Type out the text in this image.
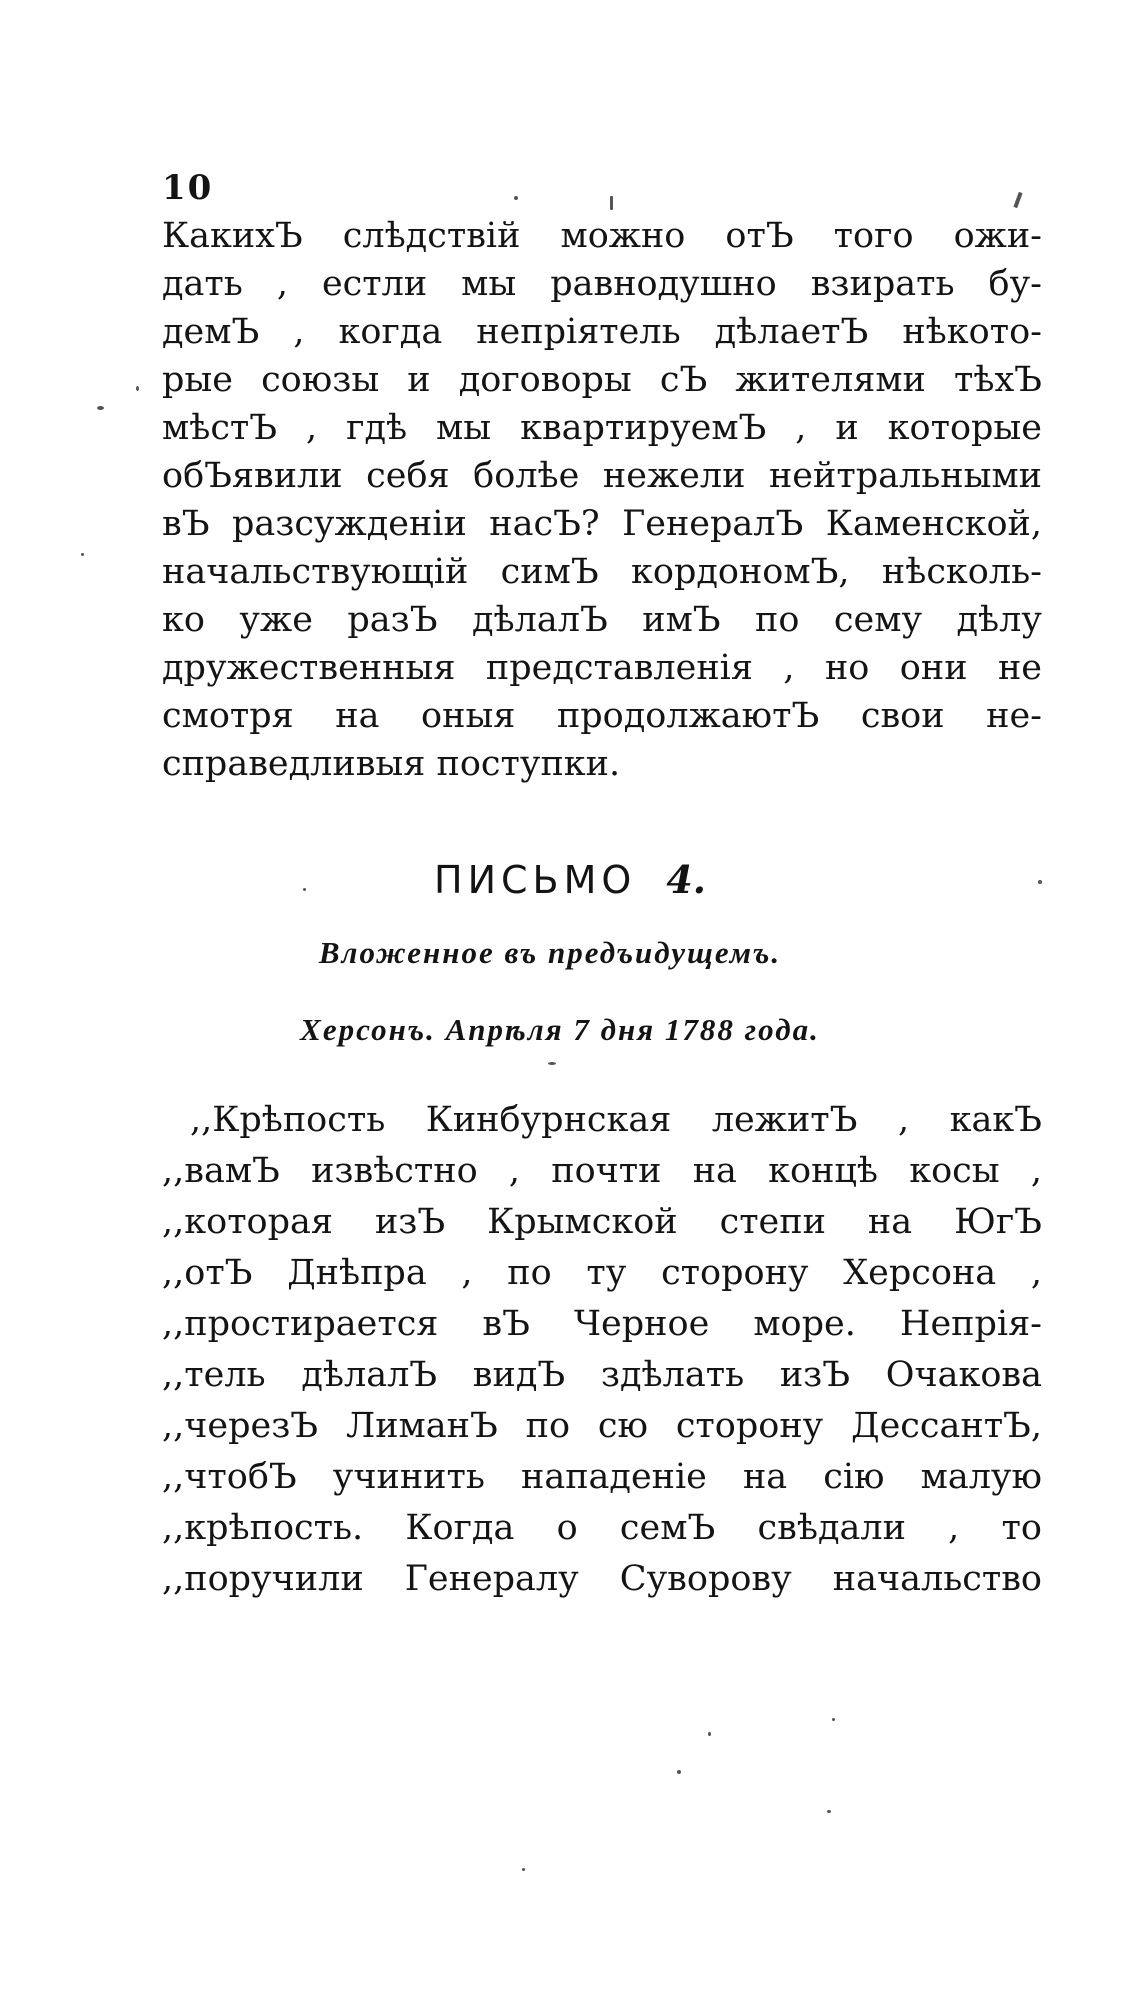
10
КакихЪ слѣдствій можно отЪ того ожи-
дать , естли мы равнодушно взирать бу-
демЪ , когда непріятель дѣлаетЪ нѣкото-
рые союзы и договоры сЪ жителями тѣхЪ
мѣстЪ , гдѣ мы квартируемЪ , и которые
обЪявили себя болѣе нежели нейтральными
вЪ разсужденіи насЪ? ГенералЪ Каменской,
начальствующій симЪ кордономЪ, нѣсколь-
ко уже разЪ дѣлалЪ имЪ по сему дѣлу
дружественныя представленія , но они не
смотря на оныя продолжаютЪ свои не-
справедливыя поступки.
ПИСЬМО 4.
Вложенное въ предъидущемъ.
Херсонъ. Апрѣля 7 дня 1788 года.
,,Крѣпость Кинбурнская лежитЪ , какЪ
,,вамЪ извѣстно , почти на концѣ косы ,
,,которая изЪ Крымской степи на ЮгЪ
,,отЪ Днѣпра , по ту сторону Херсона ,
,,простирается вЪ Черное море. Непрія-
,,тель дѣлалЪ видЪ здѣлать изЪ Очакова
,,черезЪ ЛиманЪ по сю сторону ДессантЪ,
,,чтобЪ учинить нападеніе на сію малую
,,крѣпость. Когда о семЪ свѣдали , то
,,поручили Генералу Суворову начальство
